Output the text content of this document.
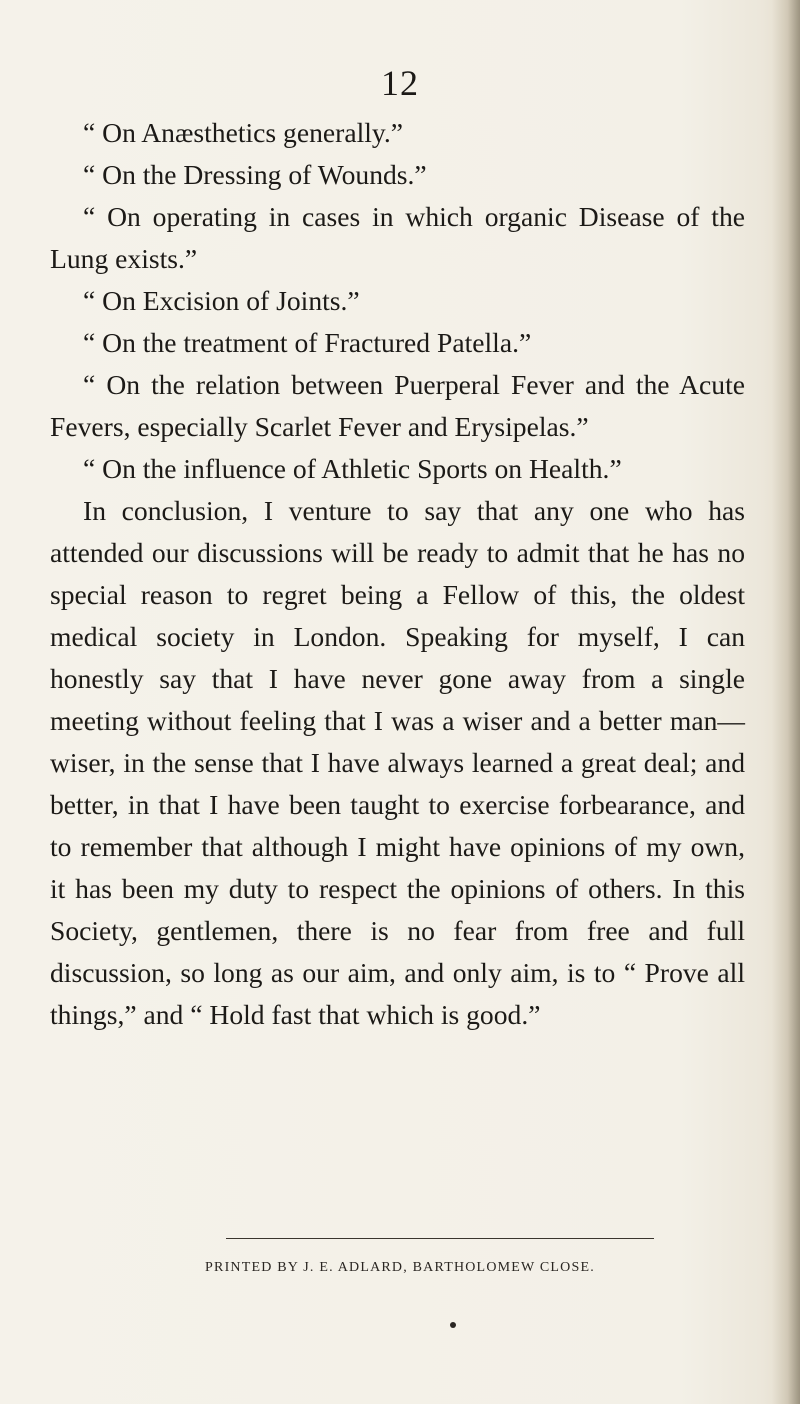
12

“ On Anæsthetics generally.”

“ On the Dressing of Wounds.”

“ On operating in cases in which organic Disease of the Lung exists.”

“ On Excision of Joints.”

“ On the treatment of Fractured Patella.”

“ On the relation between Puerperal Fever and the Acute Fevers, especially Scarlet Fever and Erysipelas.”

“ On the influence of Athletic Sports on Health.”

In conclusion, I venture to say that any one who has attended our discussions will be ready to admit that he has no special reason to regret being a Fellow of this, the oldest medical society in London. Speaking for myself, I can honestly say that I have never gone away from a single meeting without feeling that I was a wiser and a better man—wiser, in the sense that I have always learned a great deal; and better, in that I have been taught to exercise forbearance, and to remember that although I might have opinions of my own, it has been my duty to respect the opinions of others. In this Society, gentlemen, there is no fear from free and full discussion, so long as our aim, and only aim, is to “ Prove all things,” and “ Hold fast that which is good.”

PRINTED BY J. E. ADLARD, BARTHOLOMEW CLOSE.
